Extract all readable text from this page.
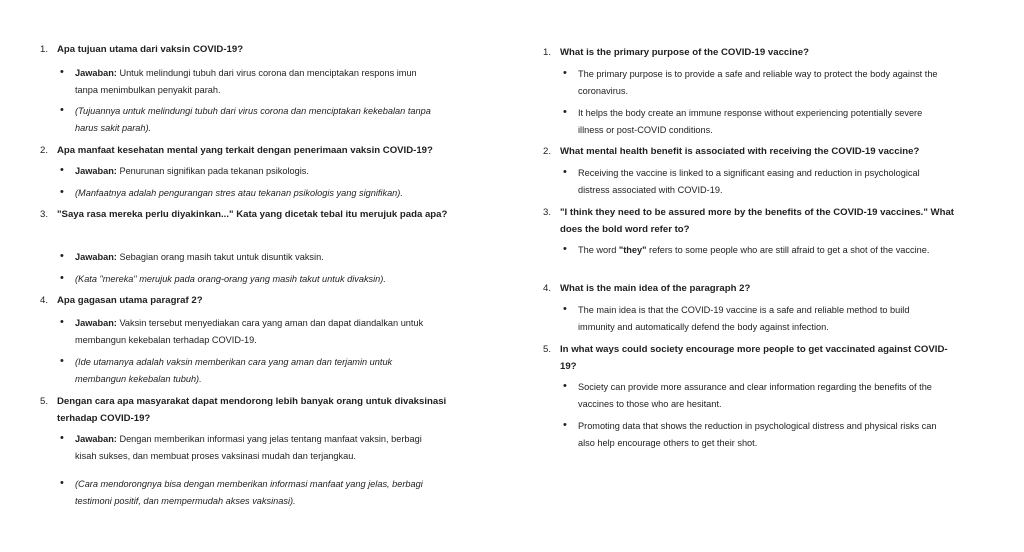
1. Apa tujuan utama dari vaksin COVID-19?
•	Jawaban: Untuk melindungi tubuh dari virus corona dan menciptakan respons imun tanpa menimbulkan penyakit parah.
•	(Tujuannya untuk melindungi tubuh dari virus corona dan menciptakan kekebalan tanpa harus sakit parah).
2. Apa manfaat kesehatan mental yang terkait dengan penerimaan vaksin COVID-19?
•	Jawaban: Penurunan signifikan pada tekanan psikologis.
•	(Manfaatnya adalah pengurangan stres atau tekanan psikologis yang signifikan).
3. "Saya rasa mereka perlu diyakinkan..." Kata yang dicetak tebal itu merujuk pada apa?
•	Jawaban: Sebagian orang masih takut untuk disuntik vaksin.
•	(Kata "mereka" merujuk pada orang-orang yang masih takut untuk divaksin).
4. Apa gagasan utama paragraf 2?
•	Jawaban: Vaksin tersebut menyediakan cara yang aman dan dapat diandalkan untuk membangun kekebalan terhadap COVID-19.
•	(Ide utamanya adalah vaksin memberikan cara yang aman dan terjamin untuk membangun kekebalan tubuh).
5. Dengan cara apa masyarakat dapat mendorong lebih banyak orang untuk divaksinasi terhadap COVID-19?
•	Jawaban: Dengan memberikan informasi yang jelas tentang manfaat vaksin, berbagi kisah sukses, dan membuat proses vaksinasi mudah dan terjangkau.
•	(Cara mendorongnya bisa dengan memberikan informasi manfaat yang jelas, berbagi testimoni positif, dan mempermudah akses vaksinasi).
1. What is the primary purpose of the COVID-19 vaccine?
•	The primary purpose is to provide a safe and reliable way to protect the body against the coronavirus.
•	It helps the body create an immune response without experiencing potentially severe illness or post-COVID conditions.
2. What mental health benefit is associated with receiving the COVID-19 vaccine?
•	Receiving the vaccine is linked to a significant easing and reduction in psychological distress associated with COVID-19.
3. "I think they need to be assured more by the benefits of the COVID-19 vaccines." What does the bold word refer to?
•	The word "they" refers to some people who are still afraid to get a shot of the vaccine.
4. What is the main idea of the paragraph 2?
•	The main idea is that the COVID-19 vaccine is a safe and reliable method to build immunity and automatically defend the body against infection.
5. In what ways could society encourage more people to get vaccinated against COVID-19?
•	Society can provide more assurance and clear information regarding the benefits of the vaccines to those who are hesitant.
•	Promoting data that shows the reduction in psychological distress and physical risks can also help encourage others to get their shot.
